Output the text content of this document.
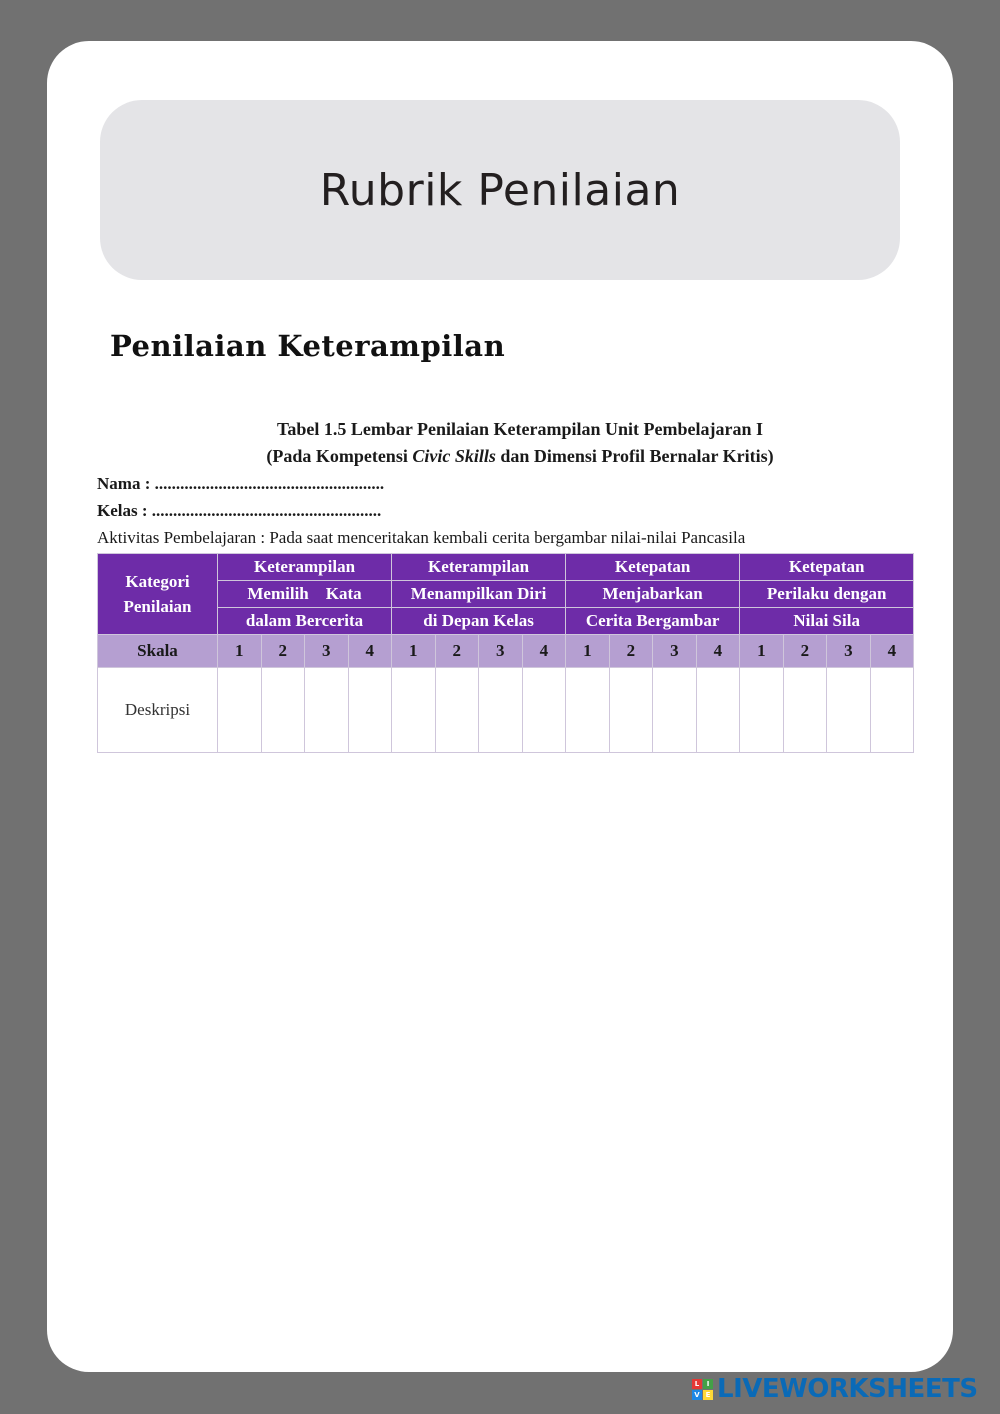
Rubrik Penilaian
Penilaian Keterampilan
Tabel 1.5 Lembar Penilaian Keterampilan Unit Pembelajaran I
(Pada Kompetensi Civic Skills dan Dimensi Profil Bernalar Kritis)
Nama : ......................................................
Kelas : ......................................................
Aktivitas Pembelajaran : Pada saat menceritakan kembali cerita bergambar nilai-nilai Pancasila
Kategori
Penilaian	Keterampilan				Keterampilan				Ketepatan				Ketepatan			
	Memilih    Kata				Menampilkan Diri				Menjabarkan				Perilaku dengan			
	dalam Bercerita				di Depan Kelas				Cerita Bergambar				Nilai Sila			
Skala	1	2	3	4	1	2	3	4	1	2	3	4	1	2	3	4
Deskripsi																
L	I
V E LIVEWORKSHEETS
